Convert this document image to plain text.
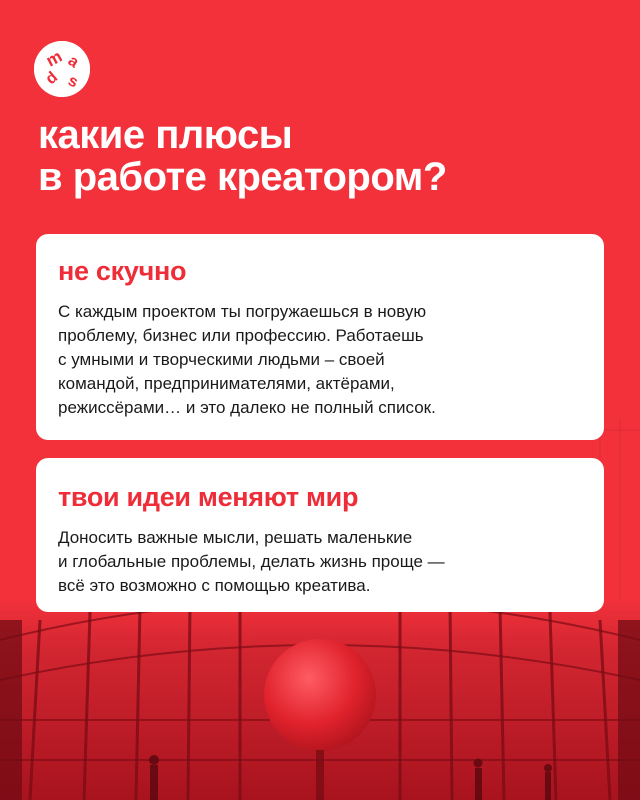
m a
d s
какие плюсы
в работе креатором?
не скучно
С каждым проектом ты погружаешься в новую
проблему, бизнес или профессию. Работаешь
с умными и творческими людьми – своей
командой, предпринимателями, актёрами,
режиссёрами… и это далеко не полный список.
твои идеи меняют мир
Доносить важные мысли, решать маленькие
и глобальные проблемы, делать жизнь проще —
всё это возможно с помощью креатива.
